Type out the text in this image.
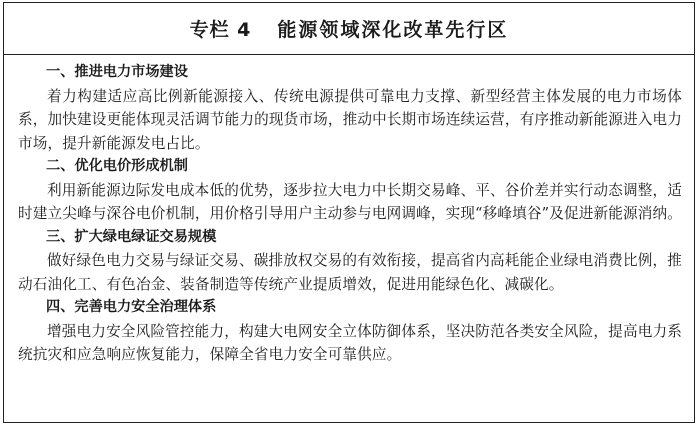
专栏 4 能源领域深化改革先行区
一、推进电力市场建设
着力构建适应高比例新能源接入、传统电源提供可靠电力支撑、新型经营主体发展的电力市场体系，加快建设更能体现灵活调节能力的现货市场，推动中长期市场连续运营，有序推动新能源进入电力市场，提升新能源发电占比。
二、优化电价形成机制
利用新能源边际发电成本低的优势，逐步拉大电力中长期交易峰、平、谷价差并实行动态调整，适时建立尖峰与深谷电价机制，用价格引导用户主动参与电网调峰，实现“移峰填谷”及促进新能源消纳。
三、扩大绿电绿证交易规模
做好绿色电力交易与绿证交易、碳排放权交易的有效衔接，提高省内高耗能企业绿电消费比例，推动石油化工、有色冶金、装备制造等传统产业提质增效，促进用能绿色化、减碳化。
四、完善电力安全治理体系
增强电力安全风险管控能力，构建大电网安全立体防御体系，坚决防范各类安全风险，提高电力系统抗灾和应急响应恢复能力，保障全省电力安全可靠供应。
